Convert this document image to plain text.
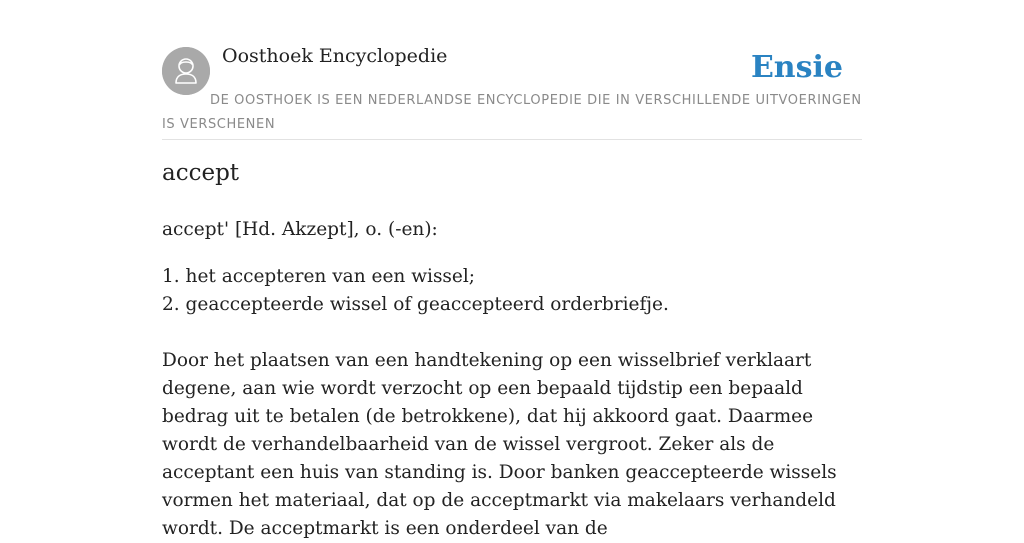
Oosthoek Encyclopedie	Ensie
DE OOSTHOEK IS EEN NEDERLANDSE ENCYCLOPEDIE DIE IN VERSCHILLENDE UITVOERINGEN IS VERSCHENEN
accept
accept' [Hd. Akzept], o. (-en):
1. het accepteren van een wissel;
2. geaccepteerde wissel of geaccepteerd orderbriefje.
Door het plaatsen van een handtekening op een wisselbrief verklaart degene, aan wie wordt verzocht op een bepaald tijdstip een bepaald bedrag uit te betalen (de betrokkene), dat hij akkoord gaat. Daarmee wordt de verhandelbaarheid van de wissel vergroot. Zeker als de acceptant een huis van standing is. Door banken geaccepteerde wissels vormen het materiaal, dat op de acceptmarkt via makelaars verhandeld wordt. De acceptmarkt is een onderdeel van de
